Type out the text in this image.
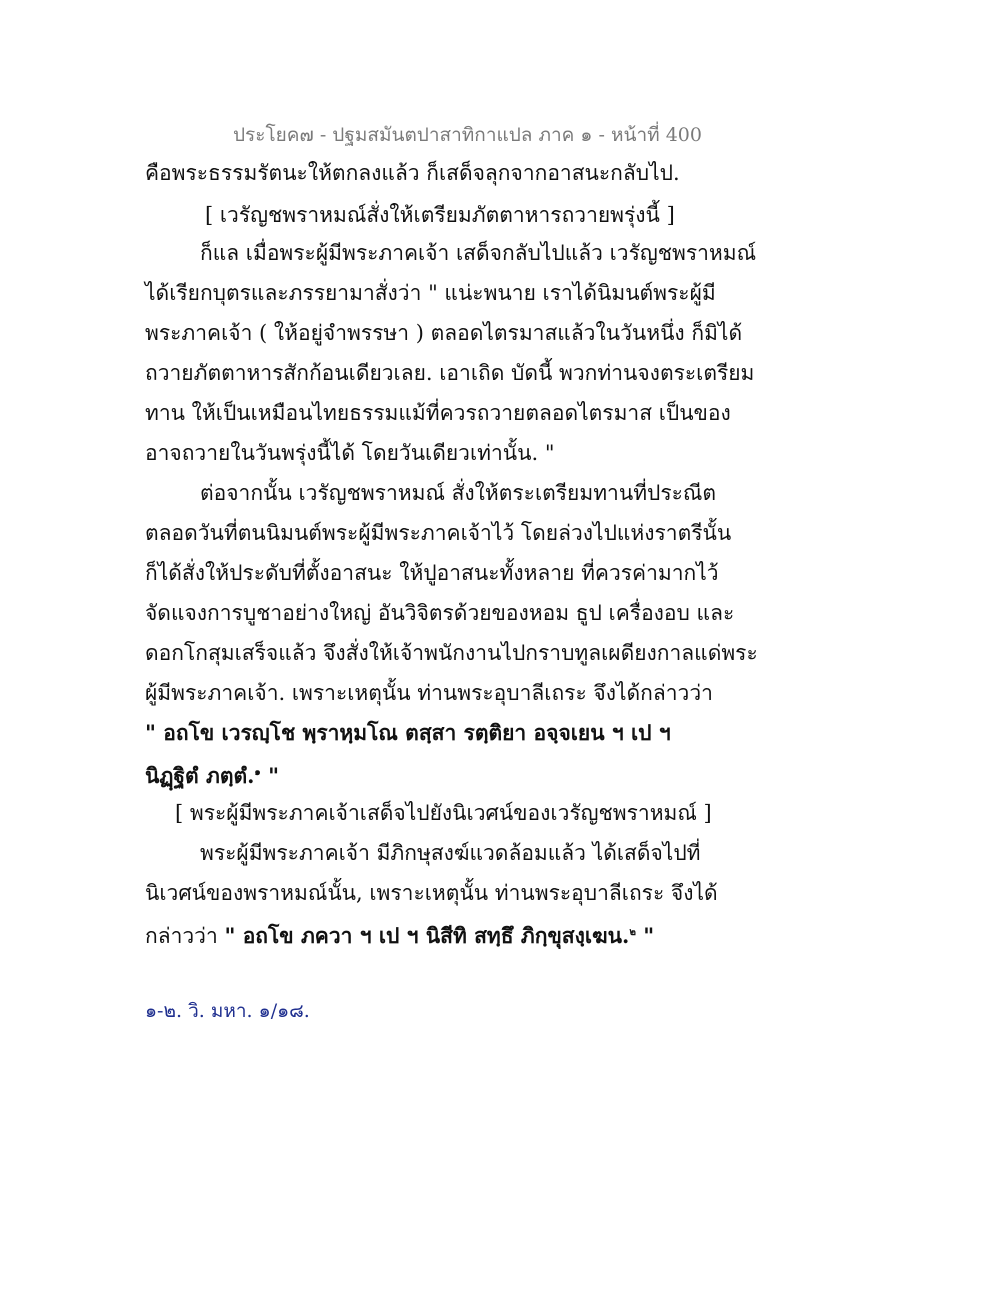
ประโยค๗ - ปฐมสมันตปาสาทิกาแปล ภาค ๑ - หน้าที่ 400
คือพระธรรมรัตนะให้ตกลงแล้ว ก็เสด็จลุกจากอาสนะกลับไป.
[ เวรัญชพราหมณ์สั่งให้เตรียมภัตตาหารถวายพรุ่งนี้ ]
ก็แล เมื่อพระผู้มีพระภาคเจ้า เสด็จกลับไปแล้ว เวรัญชพราหมณ์
ได้เรียกบุตรและภรรยามาสั่งว่า " แน่ะพนาย เราได้นิมนต์พระผู้มี
พระภาคเจ้า ( ให้อยู่จำพรรษา ) ตลอดไตรมาสแล้วในวันหนึ่ง ก็มิได้
ถวายภัตตาหารสักก้อนเดียวเลย. เอาเถิด บัดนี้ พวกท่านจงตระเตรียม
ทาน ให้เป็นเหมือนไทยธรรมแม้ที่ควรถวายตลอดไตรมาส เป็นของ
อาจถวายในวันพรุ่งนี้ได้ โดยวันเดียวเท่านั้น. "
ต่อจากนั้น เวรัญชพราหมณ์ สั่งให้ตระเตรียมทานที่ประณีต
ตลอดวันที่ตนนิมนต์พระผู้มีพระภาคเจ้าไว้ โดยล่วงไปแห่งราตรีนั้น
ก็ได้สั่งให้ประดับที่ตั้งอาสนะ ให้ปูอาสนะทั้งหลาย ที่ควรค่ามากไว้
จัดแจงการบูชาอย่างใหญ่ อันวิจิตรด้วยของหอม ธูป เครื่องอบ และ
ดอกโกสุมเสร็จแล้ว จึงสั่งให้เจ้าพนักงานไปกราบทูลเผดียงกาลแด่พระ
ผู้มีพระภาคเจ้า. เพราะเหตุนั้น ท่านพระอุบาลีเถระ จึงได้กล่าวว่า
" อถโข เวรญฺโช พฺราหฺมโณ ตสฺสา รตฺติยา อจฺจเยน ฯ เป ฯ
นิฏฺฐิตํ ภตฺตํ.$^๑$ "
[ พระผู้มีพระภาคเจ้าเสด็จไปยังนิเวศน์ของเวรัญชพราหมณ์ ]
พระผู้มีพระภาคเจ้า มีภิกษุสงฆ์แวดล้อมแล้ว ได้เสด็จไปที่
นิเวศน์ของพราหมณ์นั้น, เพราะเหตุนั้น ท่านพระอุบาลีเถระ จึงได้
กล่าวว่า " อถโข ภควา ฯ เป ฯ นิสีทิ สทฺธึ ภิกฺขุสงฺเฆน.$^๒$ "
๑-๒. วิ. มหา. ๑/๑๘.
